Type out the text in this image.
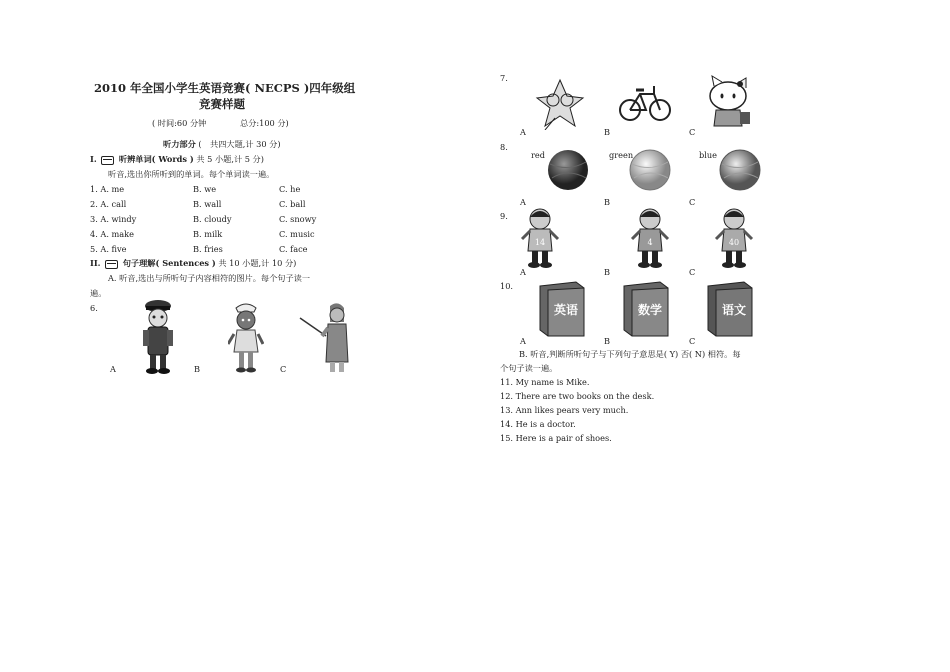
2010 年全国小学生英语竞赛( NECPS )四年级组
竞赛样题
( 时间:60 分钟	总分:100 分)
听力部分 ( 共四大题,计 30 分)
I.	听辨单词( Words ) 共 5 小题,计 5 分)
听音,选出你所听到的单词。每个单词读一遍。
1. A. me	B. we	C. he
2. A. call	B. wall	C. ball
3. A. windy	B. cloudy	C. snowy
4. A. make	B. milk	C. music
5. A. five	B. fries	C. face
II.	句子理解( Sentences ) 共 10 小题,计 10 分)
A. 听音,选出与所听句子内容相符的图片。每个句子读一
遍。
6.
A	B	C
7.
A	B	C
8.
red	green	blue
A	B	C
9.
14	4	40
A	B	C
10.
英语	数学	语文
A	B	C
B. 听音,判断所听句子与下列句子意思是( Y) 否( N) 相符。每
个句子读一遍。
11. My name is Mike.
12. There are two books on the desk.
13. Ann likes pears very much.
14. He is a doctor.
15. Here is a pair of shoes.
